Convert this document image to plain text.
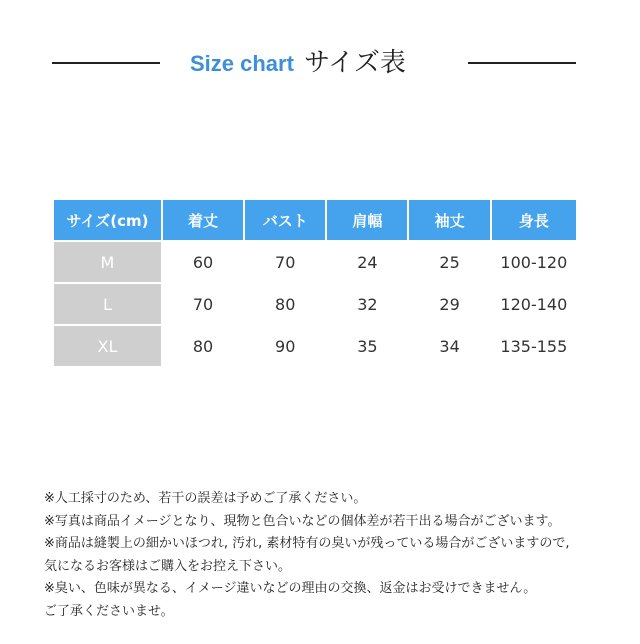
Size chart サイズ表
サイズ(cm)	着丈	バスト	肩幅	袖丈	身長
M	60	70	24	25	100-120
L	70	80	32	29	120-140
XL	80	90	35	34	135-155
※人工採寸のため、若干の誤差は予めご了承ください。
※写真は商品イメージとなり、現物と色合いなどの個体差が若干出る場合がございます。
※商品は縫製上の細かいほつれ, 汚れ, 素材特有の臭いが残っている場合がございますので,
気になるお客様はご購入をお控え下さい。
※臭い、色味が異なる、イメージ違いなどの理由の交換、返金はお受けできません。
ご了承くださいませ。
